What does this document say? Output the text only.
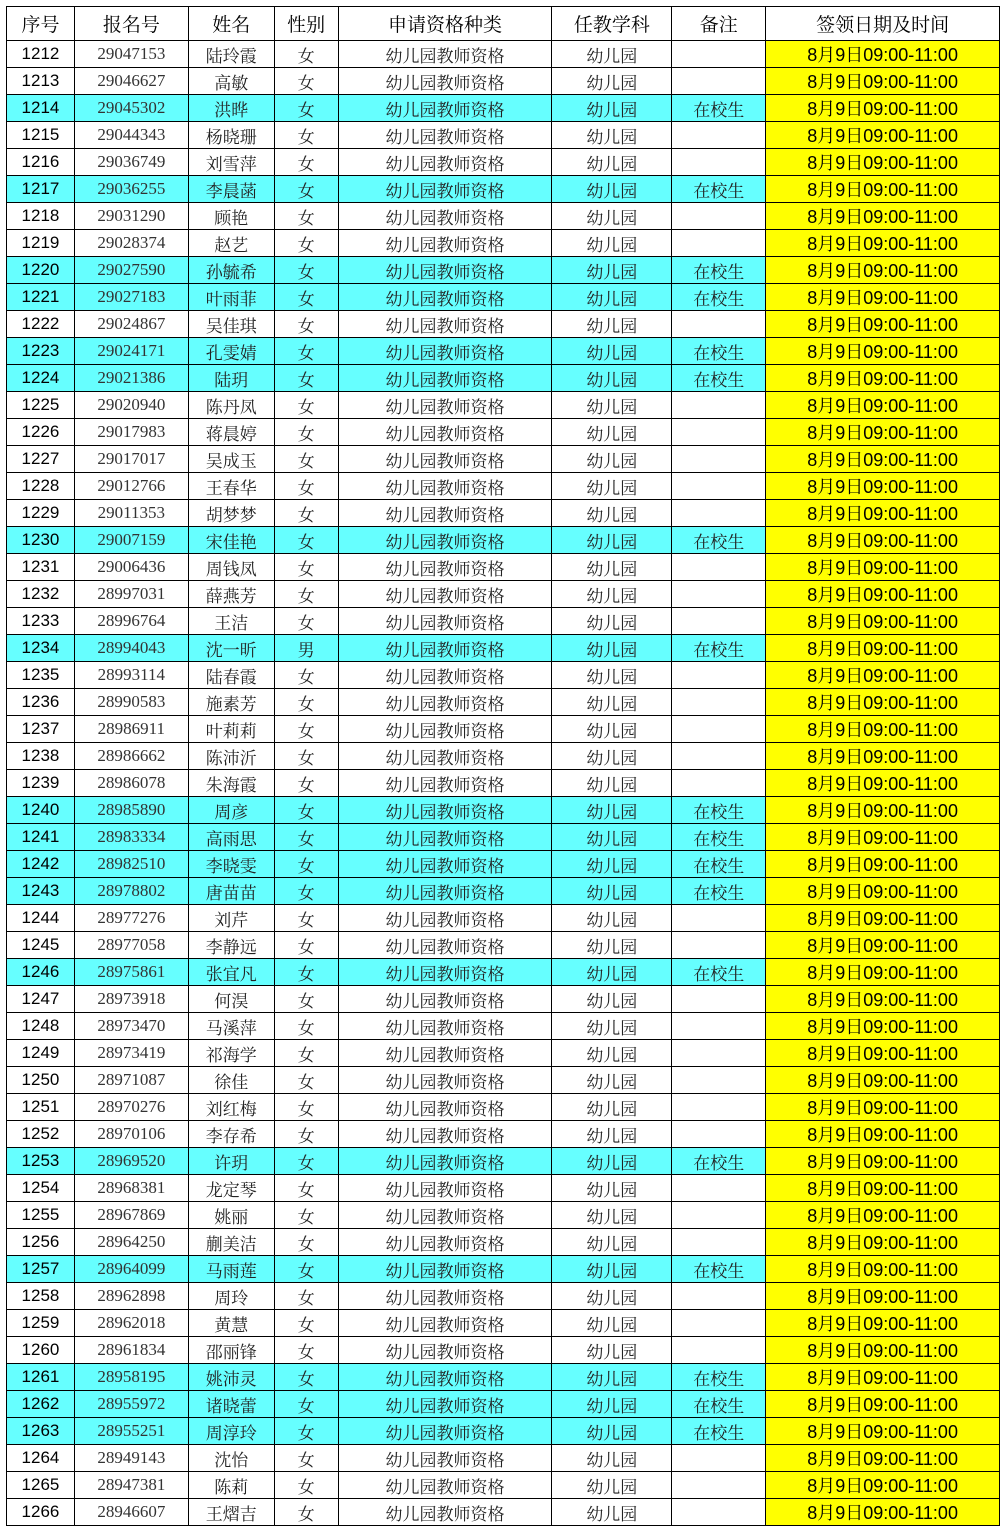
序号	报名号	姓名	性别	申请资格种类	任教学科	备注	签领日期及时间
1212	29047153	陆玲霞	女	幼儿园教师资格	幼儿园		8月9日09:00-11:00
1213	29046627	高敏	女	幼儿园教师资格	幼儿园		8月9日09:00-11:00
1214	29045302	洪晔	女	幼儿园教师资格	幼儿园	在校生	8月9日09:00-11:00
1215	29044343	杨晓珊	女	幼儿园教师资格	幼儿园		8月9日09:00-11:00
1216	29036749	刘雪萍	女	幼儿园教师资格	幼儿园		8月9日09:00-11:00
1217	29036255	李晨菡	女	幼儿园教师资格	幼儿园	在校生	8月9日09:00-11:00
1218	29031290	顾艳	女	幼儿园教师资格	幼儿园		8月9日09:00-11:00
1219	29028374	赵艺	女	幼儿园教师资格	幼儿园		8月9日09:00-11:00
1220	29027590	孙毓希	女	幼儿园教师资格	幼儿园	在校生	8月9日09:00-11:00
1221	29027183	叶雨菲	女	幼儿园教师资格	幼儿园	在校生	8月9日09:00-11:00
1222	29024867	吴佳琪	女	幼儿园教师资格	幼儿园		8月9日09:00-11:00
1223	29024171	孔雯婧	女	幼儿园教师资格	幼儿园	在校生	8月9日09:00-11:00
1224	29021386	陆玥	女	幼儿园教师资格	幼儿园	在校生	8月9日09:00-11:00
1225	29020940	陈丹凤	女	幼儿园教师资格	幼儿园		8月9日09:00-11:00
1226	29017983	蒋晨婷	女	幼儿园教师资格	幼儿园		8月9日09:00-11:00
1227	29017017	吴成玉	女	幼儿园教师资格	幼儿园		8月9日09:00-11:00
1228	29012766	王春华	女	幼儿园教师资格	幼儿园		8月9日09:00-11:00
1229	29011353	胡梦梦	女	幼儿园教师资格	幼儿园		8月9日09:00-11:00
1230	29007159	宋佳艳	女	幼儿园教师资格	幼儿园	在校生	8月9日09:00-11:00
1231	29006436	周钱凤	女	幼儿园教师资格	幼儿园		8月9日09:00-11:00
1232	28997031	薛燕芳	女	幼儿园教师资格	幼儿园		8月9日09:00-11:00
1233	28996764	王洁	女	幼儿园教师资格	幼儿园		8月9日09:00-11:00
1234	28994043	沈一昕	男	幼儿园教师资格	幼儿园	在校生	8月9日09:00-11:00
1235	28993114	陆春霞	女	幼儿园教师资格	幼儿园		8月9日09:00-11:00
1236	28990583	施素芳	女	幼儿园教师资格	幼儿园		8月9日09:00-11:00
1237	28986911	叶莉莉	女	幼儿园教师资格	幼儿园		8月9日09:00-11:00
1238	28986662	陈沛沂	女	幼儿园教师资格	幼儿园		8月9日09:00-11:00
1239	28986078	朱海霞	女	幼儿园教师资格	幼儿园		8月9日09:00-11:00
1240	28985890	周彦	女	幼儿园教师资格	幼儿园	在校生	8月9日09:00-11:00
1241	28983334	高雨思	女	幼儿园教师资格	幼儿园	在校生	8月9日09:00-11:00
1242	28982510	李晓雯	女	幼儿园教师资格	幼儿园	在校生	8月9日09:00-11:00
1243	28978802	唐苗苗	女	幼儿园教师资格	幼儿园	在校生	8月9日09:00-11:00
1244	28977276	刘芹	女	幼儿园教师资格	幼儿园		8月9日09:00-11:00
1245	28977058	李静远	女	幼儿园教师资格	幼儿园		8月9日09:00-11:00
1246	28975861	张宜凡	女	幼儿园教师资格	幼儿园	在校生	8月9日09:00-11:00
1247	28973918	何淏	女	幼儿园教师资格	幼儿园		8月9日09:00-11:00
1248	28973470	马溪萍	女	幼儿园教师资格	幼儿园		8月9日09:00-11:00
1249	28973419	祁海学	女	幼儿园教师资格	幼儿园		8月9日09:00-11:00
1250	28971087	徐佳	女	幼儿园教师资格	幼儿园		8月9日09:00-11:00
1251	28970276	刘红梅	女	幼儿园教师资格	幼儿园		8月9日09:00-11:00
1252	28970106	李存希	女	幼儿园教师资格	幼儿园		8月9日09:00-11:00
1253	28969520	许玥	女	幼儿园教师资格	幼儿园	在校生	8月9日09:00-11:00
1254	28968381	龙定琴	女	幼儿园教师资格	幼儿园		8月9日09:00-11:00
1255	28967869	姚丽	女	幼儿园教师资格	幼儿园		8月9日09:00-11:00
1256	28964250	蒯美洁	女	幼儿园教师资格	幼儿园		8月9日09:00-11:00
1257	28964099	马雨莲	女	幼儿园教师资格	幼儿园	在校生	8月9日09:00-11:00
1258	28962898	周玲	女	幼儿园教师资格	幼儿园		8月9日09:00-11:00
1259	28962018	黄慧	女	幼儿园教师资格	幼儿园		8月9日09:00-11:00
1260	28961834	邵丽锋	女	幼儿园教师资格	幼儿园		8月9日09:00-11:00
1261	28958195	姚沛灵	女	幼儿园教师资格	幼儿园	在校生	8月9日09:00-11:00
1262	28955972	诸晓蕾	女	幼儿园教师资格	幼儿园	在校生	8月9日09:00-11:00
1263	28955251	周淳玲	女	幼儿园教师资格	幼儿园	在校生	8月9日09:00-11:00
1264	28949143	沈怡	女	幼儿园教师资格	幼儿园		8月9日09:00-11:00
1265	28947381	陈莉	女	幼儿园教师资格	幼儿园		8月9日09:00-11:00
1266	28946607	王熠吉	女	幼儿园教师资格	幼儿园		8月9日09:00-11:00
